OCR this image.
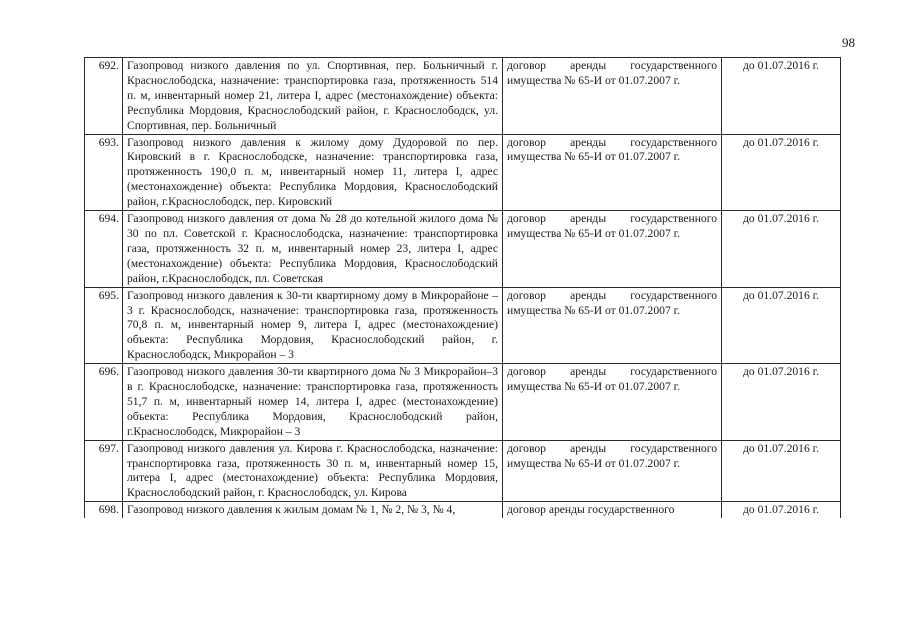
98
692.	Газопровод низкого давления по ул. Спортивная, пер. Больничный г. Краснослободска, назначение: транспортировка газа, протяженность 514 п. м, инвентарный номер 21, литера I, адрес (местонахождение) объекта: Республика Мордовия, Краснослободский район, г. Краснослободск, ул. Спортивная, пер. Больничный	договор аренды государственного имущества № 65-И от 01.07.2007 г.	до 01.07.2016 г.
693.	Газопровод низкого давления к жилому дому Дудоровой по пер. Кировский в г. Краснослободске, назначение: транспортировка газа, протяженность 190,0 п. м, инвентарный номер 11, литера I, адрес (местонахождение) объекта: Республика Мордовия, Краснослободский район, г.Краснослободск, пер. Кировский	договор аренды государственного имущества № 65-И от 01.07.2007 г.	до 01.07.2016 г.
694.	Газопровод низкого давления от дома № 28 до котельной жилого дома № 30 по пл. Советской г. Краснослободска, назначение: транспортировка газа, протяженность 32 п. м, инвентарный номер 23, литера I, адрес (местонахождение) объекта: Республика Мордовия, Краснослободский район, г.Краснослободск, пл. Советская	договор аренды государственного имущества № 65-И от 01.07.2007 г.	до 01.07.2016 г.
695.	Газопровод низкого давления к 30-ти квартирному дому в Микрорайоне – 3 г. Краснослободск, назначение: транспортировка газа, протяженность 70,8 п. м, инвентарный номер 9, литера I, адрес (местонахождение) объекта: Республика Мордовия, Краснослободский район, г. Краснослободск, Микрорайон – 3	договор аренды государственного имущества № 65-И от 01.07.2007 г.	до 01.07.2016 г.
696.	Газопровод низкого давления 30-ти квартирного дома № 3 Микрорайон–3 в г. Краснослободске, назначение: транспортировка газа, протяженность 51,7 п. м, инвентарный номер 14, литера I, адрес (местонахождение) объекта: Республика Мордовия, Краснослободский район, г.Краснослободск, Микрорайон – 3	договор аренды государственного имущества № 65-И от 01.07.2007 г.	до 01.07.2016 г.
697.	Газопровод низкого давления ул. Кирова г. Краснослободска, назначение: транспортировка газа, протяженность 30 п. м, инвентарный номер 15, литера I, адрес (местонахождение) объекта: Республика Мордовия, Краснослободский район, г. Краснослободск, ул. Кирова	договор аренды государственного имущества № 65-И от 01.07.2007 г.	до 01.07.2016 г.
698.	Газопровод низкого давления к жилым домам № 1, № 2, № 3, № 4,	договор аренды государственного	до 01.07.2016 г.
